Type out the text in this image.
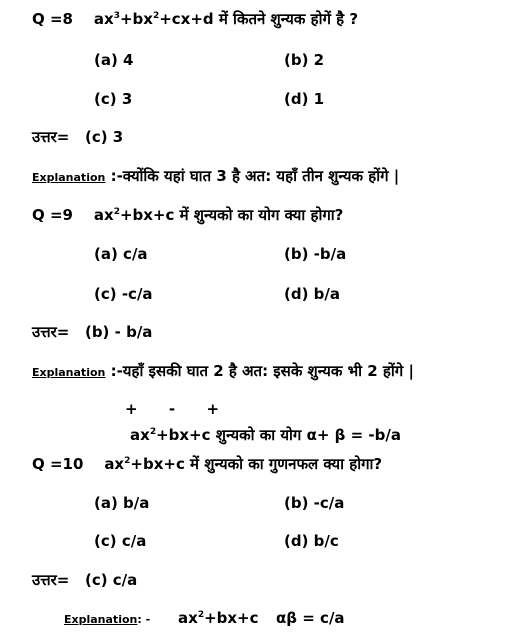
Q =8 $ax^3+bx^2+cx+d$ में कितने शुन्यक होगें है ?
(a) 4	(b) 2
(c) 3	(d) 1
उत्तर= (c) 3
Explanation :-क्योंकि यहां घात 3 है अत: यहाँ तीन शुन्यक होंगे |
Q =9 $ax^2+bx+c$ में शुन्यको का योग क्या होगा?
(a) c/a	(b) -b/a
(c) -c/a	(d) b/a
उत्तर= (b) - b/a
Explanation :-यहाँ इसकी घात 2 है अत: इसके शुन्यक भी 2 होंगे |
+      -      +
$ax^2+bx+c$ शुन्यको का योग α+ β = -b/a
Q =10 $ax^2+bx+c$ में शुन्यको का गुणनफल क्या होगा?
(a) b/a	(b) -c/a
(c) c/a	(d) b/c
उत्तर= (c) c/a
Explanation: - $ax^2+bx+c$ αβ = c/a
